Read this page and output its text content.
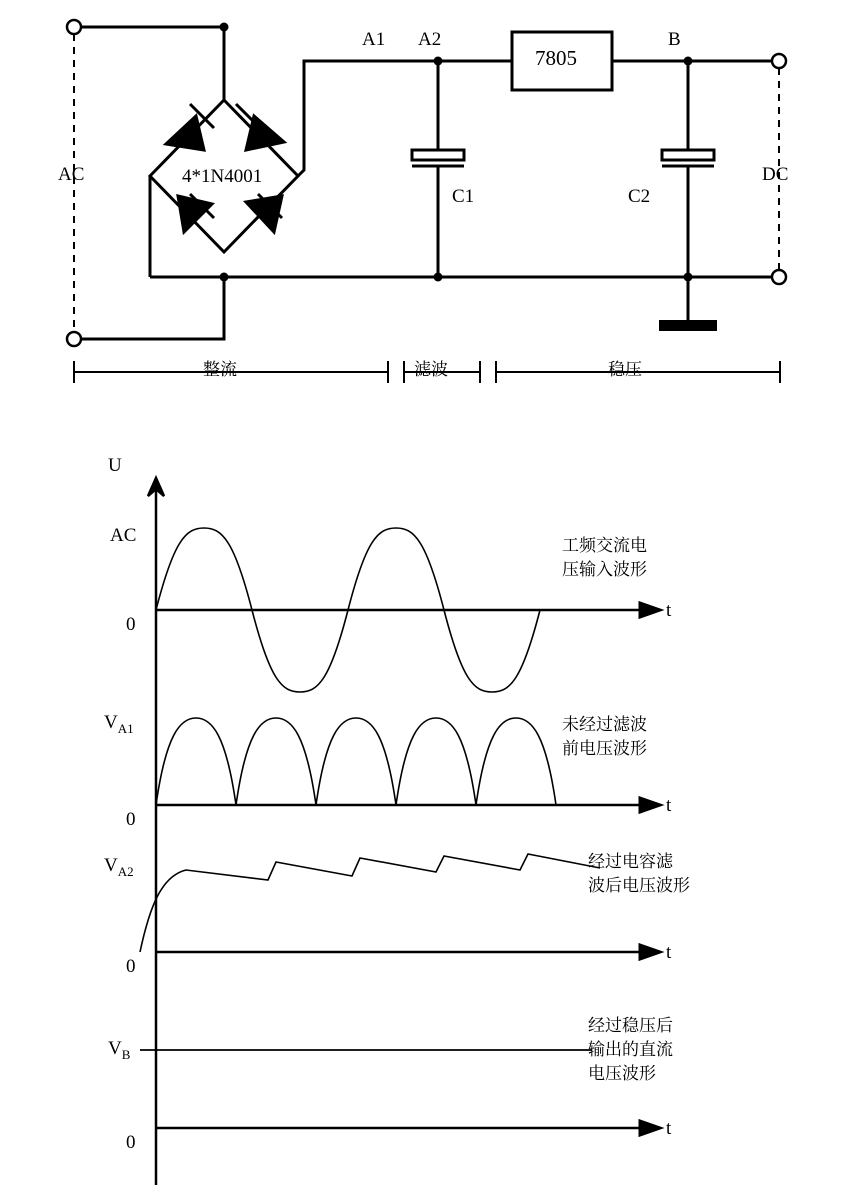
AC	DC
A1 A2	B
4*1N4001
7805
C1	C2
整流	滤波	稳压
U
AC
0
t
工频交流电
压输入波形
$V_{A1}$
0
t
未经过滤波
前电压波形
$V_{A2}$
0
t
经过电容滤
波后电压波形
$V_B$
0
t
经过稳压后
输出的直流
电压波形
